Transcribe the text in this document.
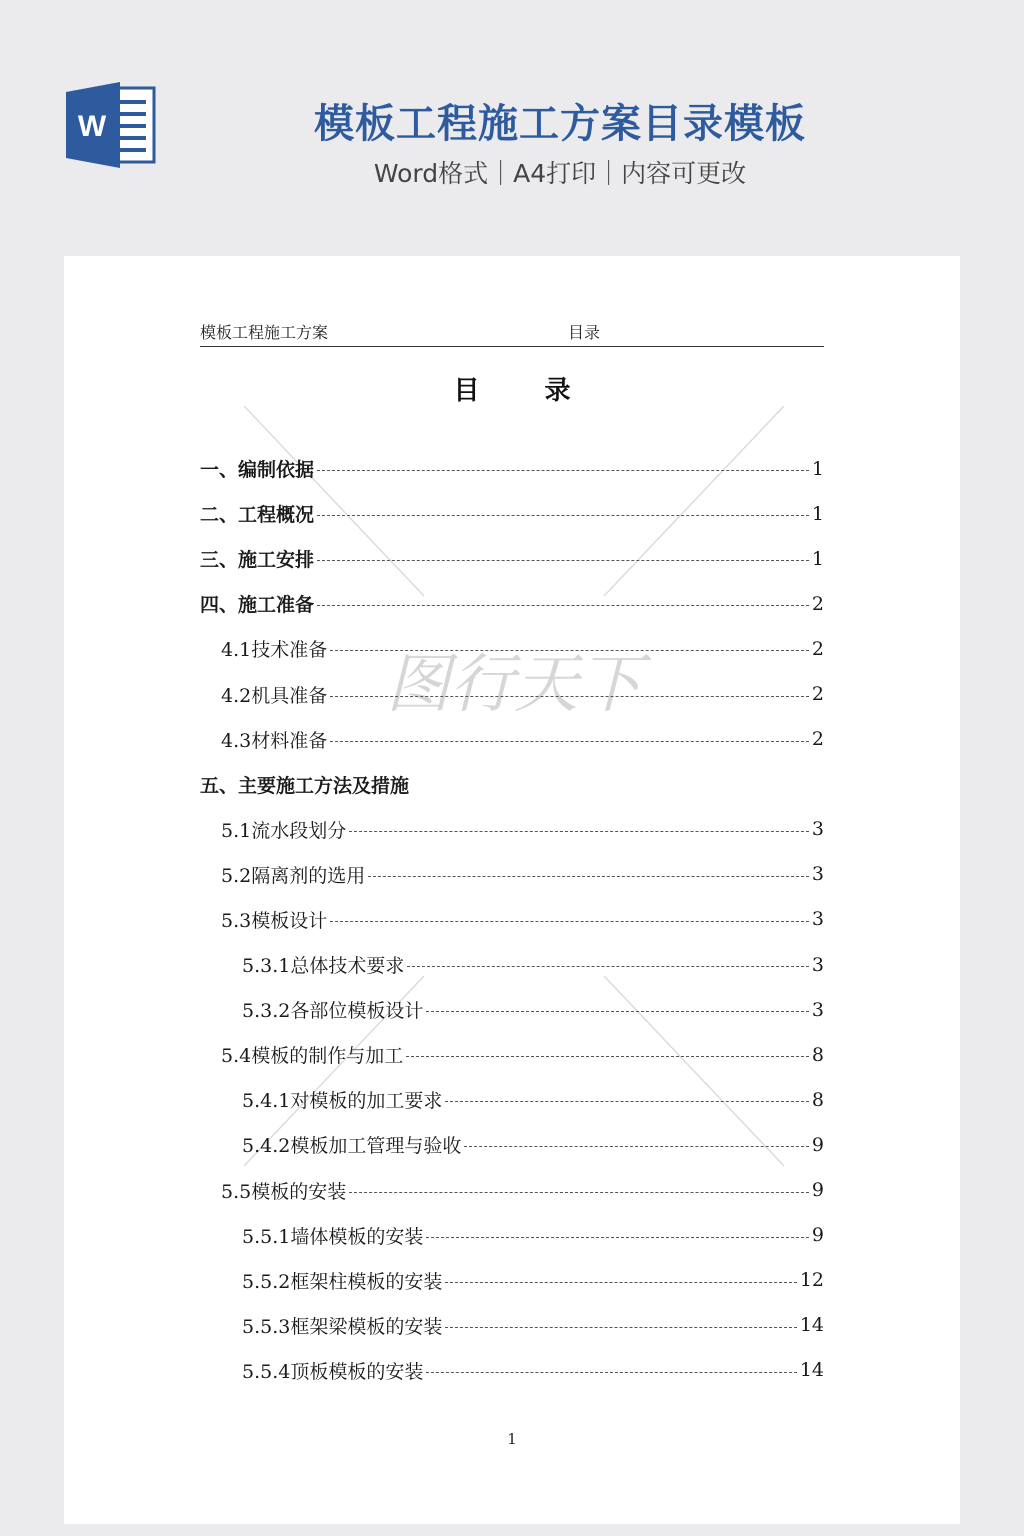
W	模板工程施工方案目录模板
Word格式｜A4打印｜内容可更改
图行天下
模板工程施工方案	目录
目 录
一、编制依据	1
二、工程概况	1
三、施工安排	1
四、施工准备	2
4.1技术准备	2
4.2机具准备	2
4.3材料准备	2
五、主要施工方法及措施
5.1流水段划分	3
5.2隔离剂的选用	3
5.3模板设计	3
5.3.1总体技术要求	3
5.3.2各部位模板设计	3
5.4模板的制作与加工	8
5.4.1对模板的加工要求	8
5.4.2模板加工管理与验收	9
5.5模板的安装	9
5.5.1墙体模板的安装	9
5.5.2框架柱模板的安装	12
5.5.3框架梁模板的安装	14
5.5.4顶板模板的安装	14
1
